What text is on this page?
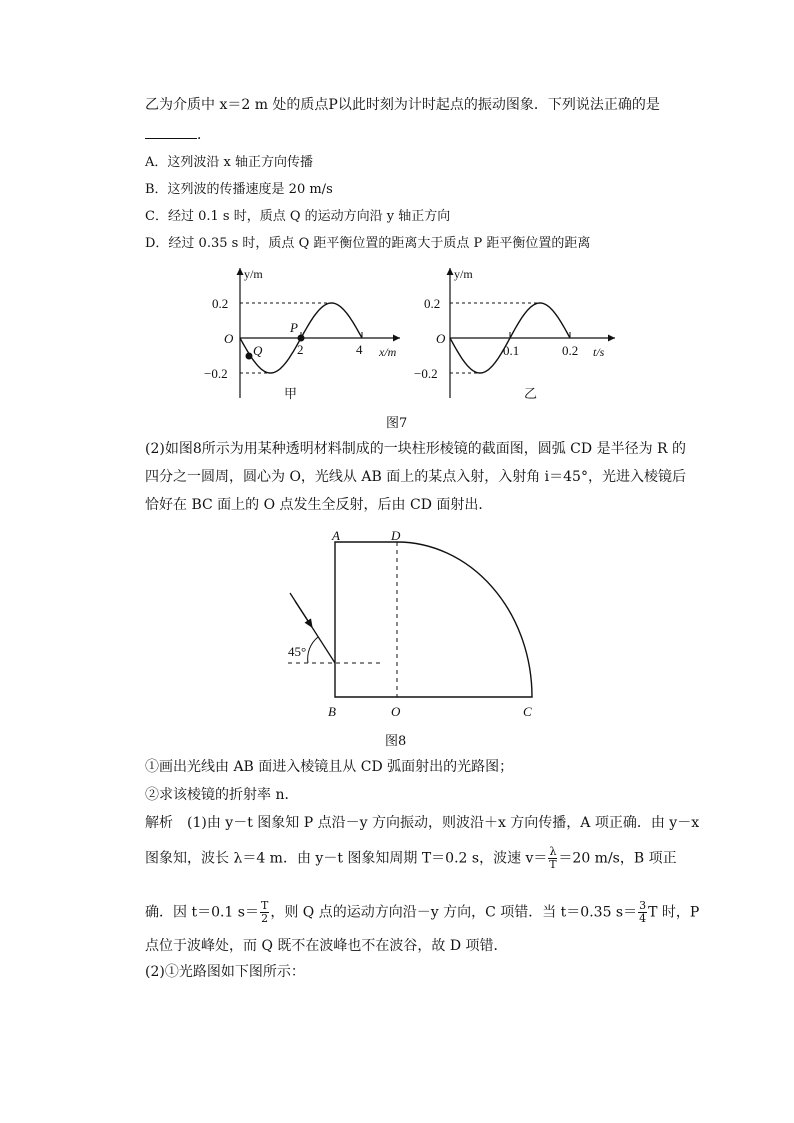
乙为介质中 x＝2 m 处的质点P以此时刻为计时起点的振动图象．下列说法正确的是
．
A．这列波沿 x 轴正方向传播
B．这列波的传播速度是 20 m/s
C．经过 0.1 s 时，质点 Q 的运动方向沿 y 轴正方向
D．经过 0.35 s 时，质点 Q 距平衡位置的距离大于质点 P 距平衡位置的距离
y/m
x/m
O
0.2
−0.2
2	4
P
Q
甲
y/m
t/s
O
0.2
−0.2
0.1	0.2
乙
图7
(2)如图8所示为用某种透明材料制成的一块柱形棱镜的截面图，圆弧 CD 是半径为 R 的
四分之一圆周，圆心为 O，光线从 AB 面上的某点入射，入射角 i＝45°，光进入棱镜后
恰好在 BC 面上的 O 点发生全反射，后由 CD 面射出．
45°
A	D
B	O	C
图8
①画出光线由 AB 面进入棱镜且从 CD 弧面射出的光路图；
②求该棱镜的折射率 n．
解析　(1)由 y－t 图象知 P 点沿－y 方向振动，则波沿＋x 方向传播，A 项正确．由 y－x
图象知，波长 λ＝4 m．由 y－t 图象知周期 T＝0.2 s，波速 $v= \frac{\lambda}{T} =20$ m/s，B 项正
确．因 t＝0.1 $s= \frac{T}{2}$ ，则 Q 点的运动方向沿－y 方向，C 项错．当 t＝0.35 $s= \frac{3}{4}$ T 时，P
点位于波峰处，而 Q 既不在波峰也不在波谷，故 D 项错．
(2)①光路图如下图所示：
